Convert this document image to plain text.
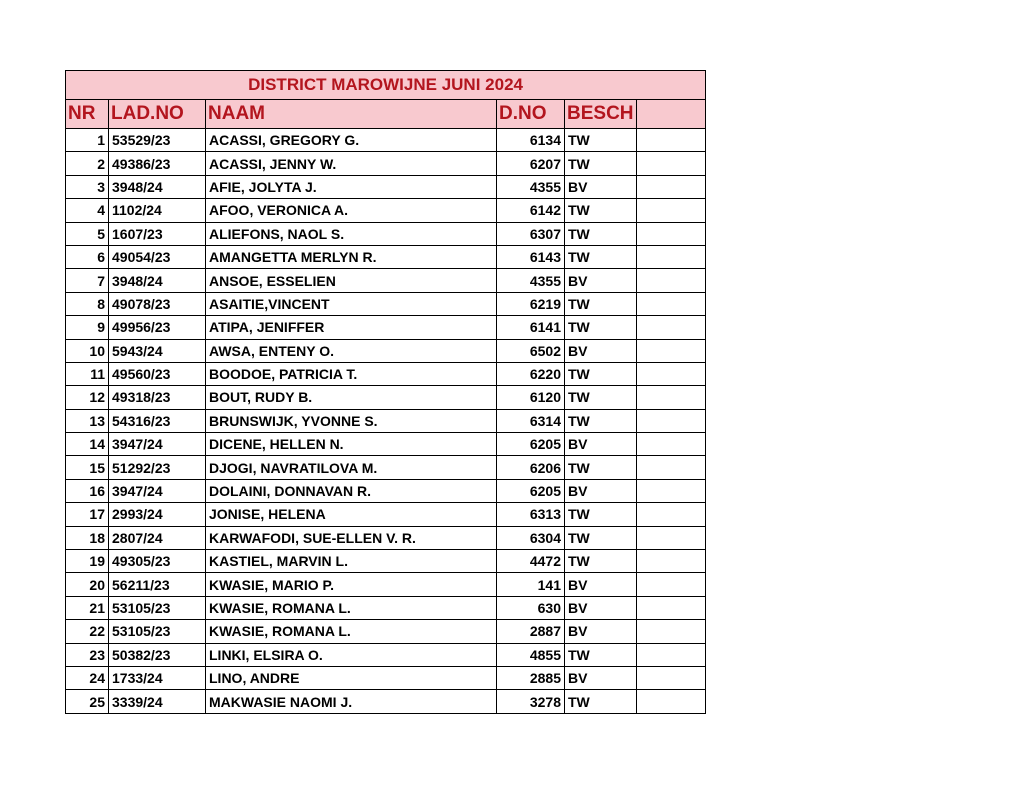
DISTRICT MAROWIJNE JUNI 2024					
NR	LAD.NO	NAAM	D.NO	BESCH	
1	53529/23	ACASSI, GREGORY G.	6134	TW	
2	49386/23	ACASSI, JENNY W.	6207	TW	
3	3948/24	AFIE, JOLYTA J.	4355	BV	
4	1102/24	AFOO, VERONICA A.	6142	TW	
5	1607/23	ALIEFONS, NAOL S.	6307	TW	
6	49054/23	AMANGETTA MERLYN R.	6143	TW	
7	3948/24	ANSOE, ESSELIEN	4355	BV	
8	49078/23	ASAITIE,VINCENT	6219	TW	
9	49956/23	ATIPA, JENIFFER	6141	TW	
10	5943/24	AWSA, ENTENY O.	6502	BV	
11	49560/23	BOODOE, PATRICIA T.	6220	TW	
12	49318/23	BOUT, RUDY B.	6120	TW	
13	54316/23	BRUNSWIJK, YVONNE S.	6314	TW	
14	3947/24	DICENE, HELLEN N.	6205	BV	
15	51292/23	DJOGI, NAVRATILOVA M.	6206	TW	
16	3947/24	DOLAINI, DONNAVAN R.	6205	BV	
17	2993/24	JONISE, HELENA	6313	TW	
18	2807/24	KARWAFODI, SUE-ELLEN V. R.	6304	TW	
19	49305/23	KASTIEL, MARVIN L.	4472	TW	
20	56211/23	KWASIE, MARIO P.	141	BV	
21	53105/23	KWASIE, ROMANA L.	630	BV	
22	53105/23	KWASIE, ROMANA L.	2887	BV	
23	50382/23	LINKI, ELSIRA O.	4855	TW	
24	1733/24	LINO, ANDRE	2885	BV	
25	3339/24	MAKWASIE NAOMI J.	3278	TW	
